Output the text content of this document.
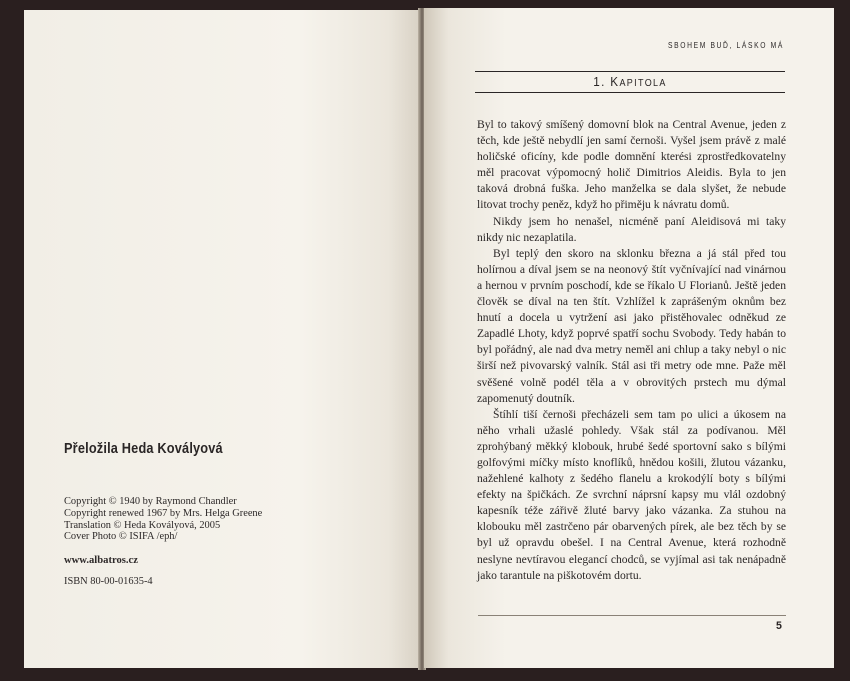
Přeložila Heda Kovályová
Copyright © 1940 by Raymond Chandler
Copyright renewed 1967 by Mrs. Helga Greene
Translation © Heda Kovályová, 2005
Cover Photo © ISIFA /eph/
www.albatros.cz
ISBN 80-00-01635-4
SBOHEM BUĎ, LÁSKO MÁ
1. KAPITOLA

Byl to takový smíšený domovní blok na Central Avenue, jeden z těch, kde ještě nebydlí jen samí černoši. Vyšel jsem právě z malé holičské oficíny, kde podle domnění kterési zprostředkovatelny měl pracovat výpomocný holič Dimitrios Aleidis. Byla to jen taková drobná fuška. Jeho manželka se dala slyšet, že nebude litovat trochy peněz, když ho přiměju k návratu domů.

Nikdy jsem ho nenašel, nicméně paní Aleidisová mi taky nikdy nic nezaplatila.

Byl teplý den skoro na sklonku března a já stál před tou holírnou a díval jsem se na neonový štít vyčnívající nad vinárnou a hernou v prvním poschodí, kde se říkalo U Florianů. Ještě jeden člověk se díval na ten štít. Vzhlížel k zaprášeným oknům bez hnutí a docela u vytržení asi jako přistěhovalec odněkud ze Zapadlé Lhoty, když poprvé spatří sochu Svobody. Tedy habán to byl pořádný, ale nad dva metry neměl ani chlup a taky nebyl o nic širší než pivovarský valník. Stál asi tři metry ode mne. Paže měl svěšené volně podél těla a v obrovitých prstech mu dýmal zapomenutý doutník.

Štíhlí tiší černoši přecházeli sem tam po ulici a úkosem na něho vrhali užaslé pohledy. Však stál za podívanou. Měl zprohýbaný měkký klobouk, hrubé šedé sportovní sako s bílými golfovými míčky místo knoflíků, hnědou košili, žlutou vázanku, nažehlené kalhoty z šedého flanelu a krokodýlí boty s bílými efekty na špičkách. Ze svrchní náprsní kapsy mu vlál ozdobný kapesník téže zářivě žluté barvy jako vázanka. Za stuhou na klobouku měl zastrčeno pár obarvených pírek, ale bez těch by se byl už opravdu obešel. I na Central Avenue, která rozhodně neslyne nevtíravou elegancí chodců, se vyjímal asi tak nenápadně jako tarantule na piškotovém dortu.

5
